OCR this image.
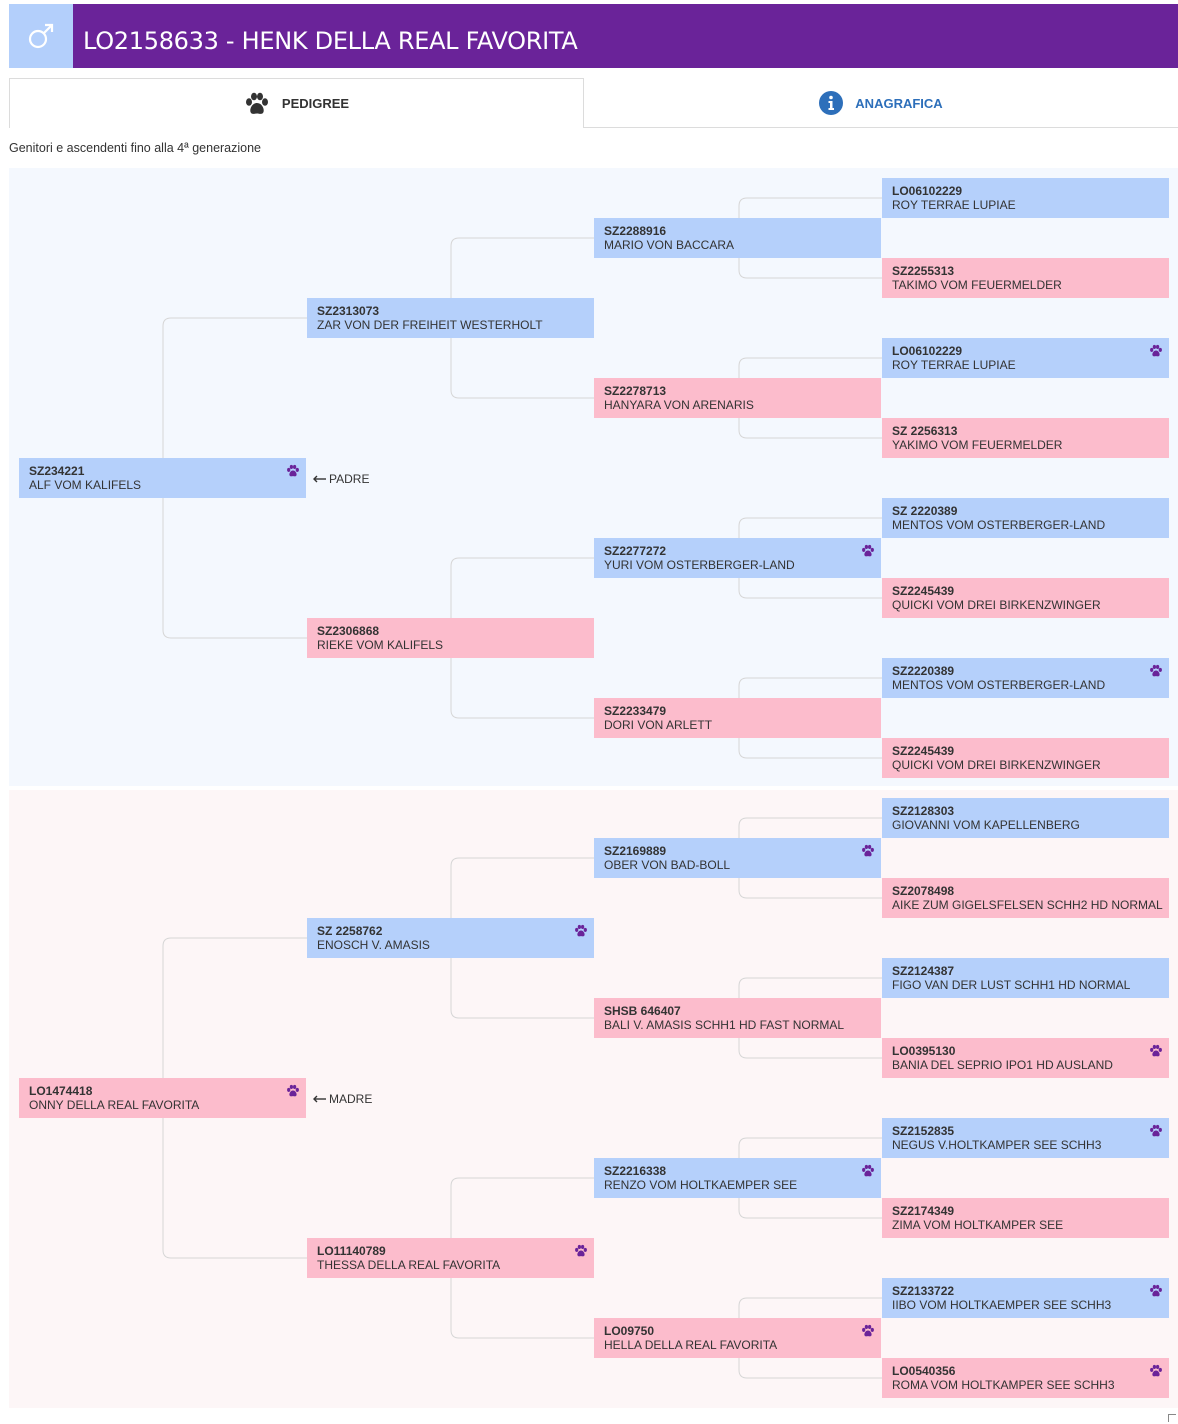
LO2158633 - HENK DELLA REAL FAVORITA
PEDIGREE	ANAGRAFICA
Genitori e ascendenti fino alla 4ª generazione
PADRE
MADRE
SZ234221
ALF VOM KALIFELS
SZ2313073
ZAR VON DER FREIHEIT WESTERHOLT
SZ2306868
RIEKE VOM KALIFELS
SZ2288916
MARIO VON BACCARA
SZ2278713
HANYARA VON ARENARIS
SZ2277272
YURI VOM OSTERBERGER-LAND
SZ2233479
DORI VON ARLETT
LO06102229
ROY TERRAE LUPIAE
SZ2255313
TAKIMO VOM FEUERMELDER
LO06102229
ROY TERRAE LUPIAE
SZ 2256313
YAKIMO VOM FEUERMELDER
SZ 2220389
MENTOS VOM OSTERBERGER-LAND
SZ2245439
QUICKI VOM DREI BIRKENZWINGER
SZ2220389
MENTOS VOM OSTERBERGER-LAND
SZ2245439
QUICKI VOM DREI BIRKENZWINGER
LO1474418
ONNY DELLA REAL FAVORITA
SZ 2258762
ENOSCH V. AMASIS
LO11140789
THESSA DELLA REAL FAVORITA
SZ2169889
OBER VON BAD-BOLL
SHSB 646407
BALI V. AMASIS SCHH1 HD FAST NORMAL
SZ2216338
RENZO VOM HOLTKAEMPER SEE
LO09750
HELLA DELLA REAL FAVORITA
SZ2128303
GIOVANNI VOM KAPELLENBERG
SZ2078498
AIKE ZUM GIGELSFELSEN SCHH2 HD NORMAL
SZ2124387
FIGO VAN DER LUST SCHH1 HD NORMAL
LO0395130
BANIA DEL SEPRIO IPO1 HD AUSLAND
SZ2152835
NEGUS V.HOLTKAMPER SEE SCHH3
SZ2174349
ZIMA VOM HOLTKAMPER SEE
SZ2133722
IIBO VOM HOLTKAEMPER SEE SCHH3
LO0540356
ROMA VOM HOLTKAMPER SEE SCHH3
